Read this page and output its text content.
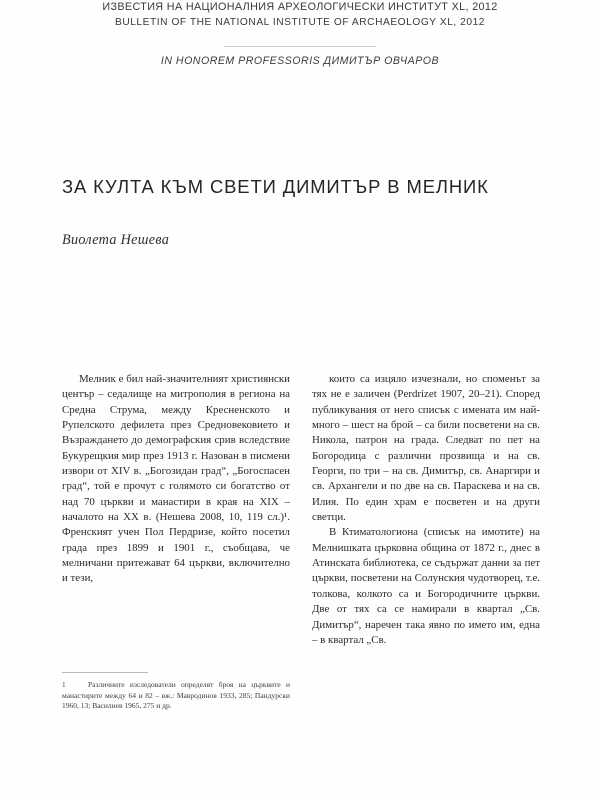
ИЗВЕСТИЯ НА НАЦИОНАЛНИЯ АРХЕОЛОГИЧЕСКИ ИНСТИТУТ XL, 2012
BULLETIN OF THE NATIONAL INSTITUTE OF ARCHAEOLOGY XL, 2012
IN HONOREM PROFESSORIS ДИМИТЪР ОВЧАРОВ
ЗА КУЛТА КЪМ СВЕТИ ДИМИТЪР В МЕЛНИК
Виолета Нешева

Мелник е бил най-значителният християнски център – седалище на митрополия в региона на Средна Струма, между Кресненското и Рупелското дефилета през Средновековието и Възраждането до демографския срив вследствие Букурещкия мир през 1913 г. Назован в писмени извори от XIV в. „Богозидан град“, „Богоспасен град“, той е прочут с голямото си богатство от над 70 църкви и манастири в края на XIX – началото на XX в. (Нешева 2008, 10, 119 сл.)¹. Френският учен Пол Пердризе, който посетил града през 1899 и 1901 г., съобщава, че мелничани притежават 64 църкви, включително и тези,

които са изцяло изчезнали, но споменът за тях не е заличен (Perdrizet 1907, 20–21). Според публикувания от него списък с имената им най-много – шест на брой – са били посветени на св. Никола, патрон на града. Следват по пет на Богородица с различни прозвища и на св. Георги, по три – на св. Димитър, св. Анаргири и св. Архангели и по две на св. Параскева и на св. Илия. По един храм е посветен и на други светци.

В Ктиматологиона (списък на имотите) на Мелнишката църковна община от 1872 г., днес в Атинската библиотека, се съдържат данни за пет църкви, посветени на Солунския чудотворец, т.е. толкова, колкото са и Богородичните църкви. Две от тях са се намирали в квартал „Св. Димитър“, наречен така явно по името им, една – в квартал „Св.

1	Различните изследователи определят броя на църквите и манастирите между 64 и 82 – вж.: Мавродинов 1933, 285; Пандурски 1960, 13; Василиев 1965, 275 и др.
